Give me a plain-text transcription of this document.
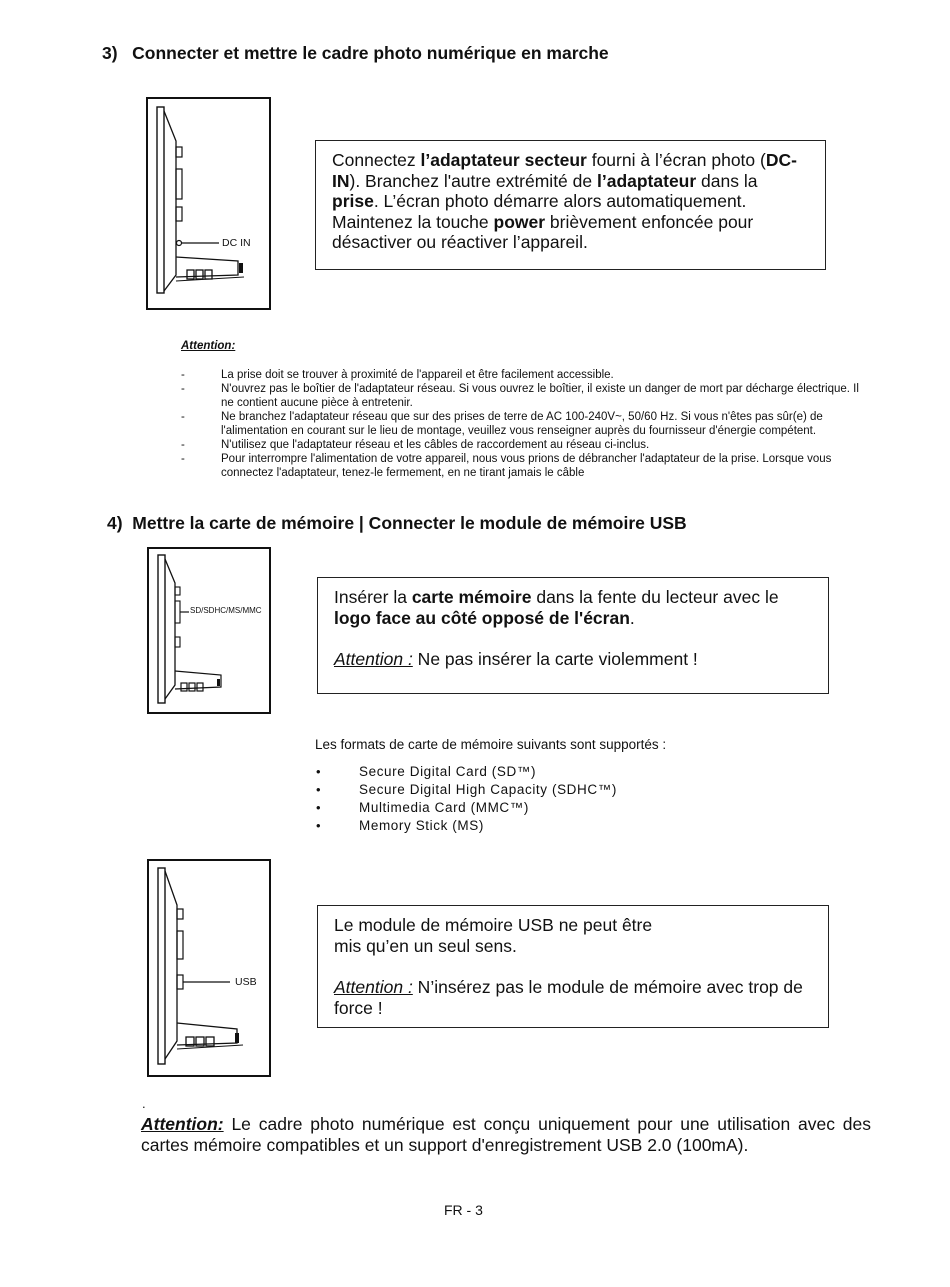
3) Connecter et mettre le cadre photo numérique en marche
DC IN
Connectez l’adaptateur secteur fourni à l’écran photo (DC-IN). Branchez l'autre extrémité de l’adaptateur dans la prise. L’écran photo démarre alors automatiquement. Maintenez la touche power brièvement enfoncée pour désactiver ou réactiver l’appareil.
Attention:
-	La prise doit se trouver à proximité de l'appareil et être facilement accessible.
-	N'ouvrez pas le boîtier de l'adaptateur réseau. Si vous ouvrez le boîtier, il existe un danger de mort par décharge électrique. Il ne contient aucune pièce à entretenir.
-	Ne branchez l'adaptateur réseau que sur des prises de terre de AC 100-240V~, 50/60 Hz. Si vous n'êtes pas sûr(e) de l'alimentation en courant sur le lieu de montage, veuillez vous renseigner auprès du fournisseur d'énergie compétent.
-	N'utilisez que l'adaptateur réseau et les câbles de raccordement au réseau ci-inclus.
-	Pour interrompre l'alimentation de votre appareil, nous vous prions de débrancher l'adaptateur de la prise. Lorsque vous connectez l'adaptateur, tenez-le fermement, en ne tirant jamais le câble
4) Mettre la carte de mémoire | Connecter le module de mémoire USB
SD/SDHC/MS/MMC
Insérer la carte mémoire dans la fente du lecteur avec le logo face au côté opposé de l'écran.
Attention : Ne pas insérer la carte violemment !
Les formats de carte de mémoire suivants sont supportés :
•	Secure Digital Card (SD™)
•	Secure Digital High Capacity (SDHC™)
•	Multimedia Card (MMC™)
•	Memory Stick (MS)
USB
Le module de mémoire USB ne peut être
mis qu’en un seul sens.
Attention : N’insérez pas le module de mémoire avec trop de force !
.
Attention: Le cadre photo numérique est conçu uniquement pour une utilisation avec des cartes mémoire compatibles et un support d'enregistrement USB 2.0 (100mA).
FR - 3
